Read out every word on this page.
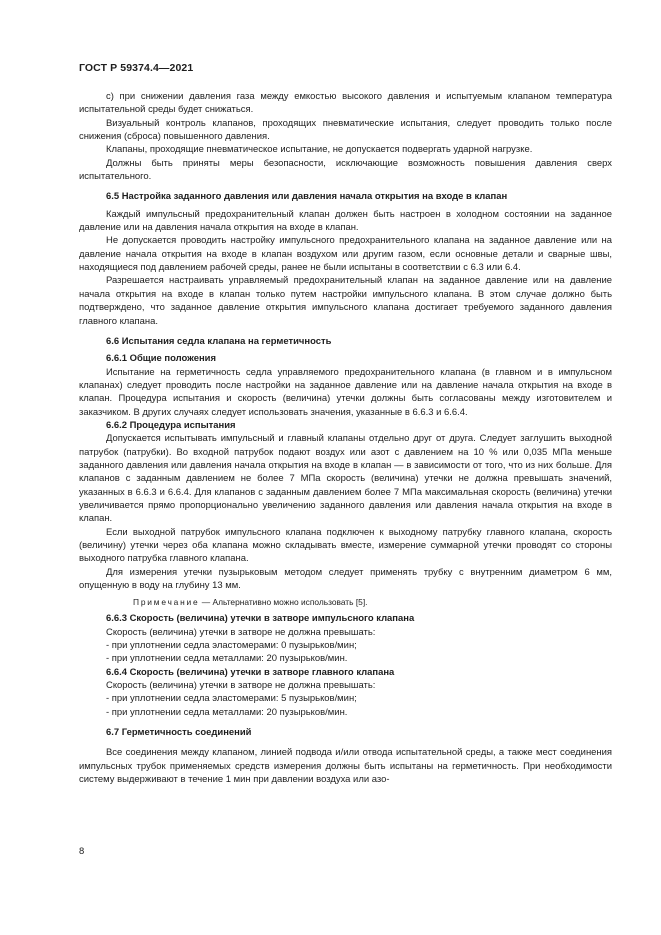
ГОСТ Р 59374.4—2021

с) при снижении давления газа между емкостью высокого давления и испытуемым клапаном температура испытательной среды будет снижаться.

Визуальный контроль клапанов, проходящих пневматические испытания, следует проводить только после снижения (сброса) повышенного давления.

Клапаны, проходящие пневматическое испытание, не допускается подвергать ударной нагрузке.

Должны быть приняты меры безопасности, исключающие возможность повышения давления сверх испытательного.

6.5 Настройка заданного давления или давления начала открытия на входе в клапан

Каждый импульсный предохранительный клапан должен быть настроен в холодном состоянии на заданное давление или на давления начала открытия на входе в клапан.

Не допускается проводить настройку импульсного предохранительного клапана на заданное давление или на давление начала открытия на входе в клапан воздухом или другим газом, если основные детали и сварные швы, находящиеся под давлением рабочей среды, ранее не были испытаны в соответствии с 6.3 или 6.4.

Разрешается настраивать управляемый предохранительный клапан на заданное давление или на давление начала открытия на входе в клапан только путем настройки импульсного клапана. В этом случае должно быть подтверждено, что заданное давление открытия импульсного клапана достигает требуемого заданного давления главного клапана.

6.6 Испытания седла клапана на герметичность
6.6.1 Общие положения

Испытание на герметичность седла управляемого предохранительного клапана (в главном и в импульсном клапанах) следует проводить после настройки на заданное давление или на давление начала открытия на входе в клапан. Процедура испытания и скорость (величина) утечки должны быть согласованы между изготовителем и заказчиком. В других случаях следует использовать значения, указанные в 6.6.3 и 6.6.4.

6.6.2 Процедура испытания

Допускается испытывать импульсный и главный клапаны отдельно друг от друга. Следует заглушить выходной патрубок (патрубки). Во входной патрубок подают воздух или азот с давлением на 10 % или 0,035 МПа меньше заданного давления или давления начала открытия на входе в клапан — в зависимости от того, что из них больше. Для клапанов с заданным давлением не более 7 МПа скорость (величина) утечки не должна превышать значений, указанных в 6.6.3 и 6.6.4. Для клапанов с заданным давлением более 7 МПа максимальная скорость (величина) утечки увеличивается прямо пропорционально увеличению заданного давления или давления начала открытия на входе в клапан.

Если выходной патрубок импульсного клапана подключен к выходному патрубку главного клапана, скорость (величину) утечки через оба клапана можно складывать вместе, измерение суммарной утечки проводят со стороны выходного патрубка главного клапана.

Для измерения утечки пузырьковым методом следует применять трубку с внутренним диаметром 6 мм, опущенную в воду на глубину 13 мм.

Примечание — Альтернативно можно использовать [5].

6.6.3 Скорость (величина) утечки в затворе импульсного клапана

Скорость (величина) утечки в затворе не должна превышать:

- при уплотнении седла эластомерами: 0 пузырьков/мин;
- при уплотнении седла металлами: 20 пузырьков/мин.
6.6.4 Скорость (величина) утечки в затворе главного клапана

Скорость (величина) утечки в затворе не должна превышать:

- при уплотнении седла эластомерами: 5 пузырьков/мин;
- при уплотнении седла металлами: 20 пузырьков/мин.
6.7 Герметичность соединений

Все соединения между клапаном, линией подвода и/или отвода испытательной среды, а также мест соединения импульсных трубок применяемых средств измерения должны быть испытаны на герметичность. При необходимости систему выдерживают в течение 1 мин при давлении воздуха или азо-

8
